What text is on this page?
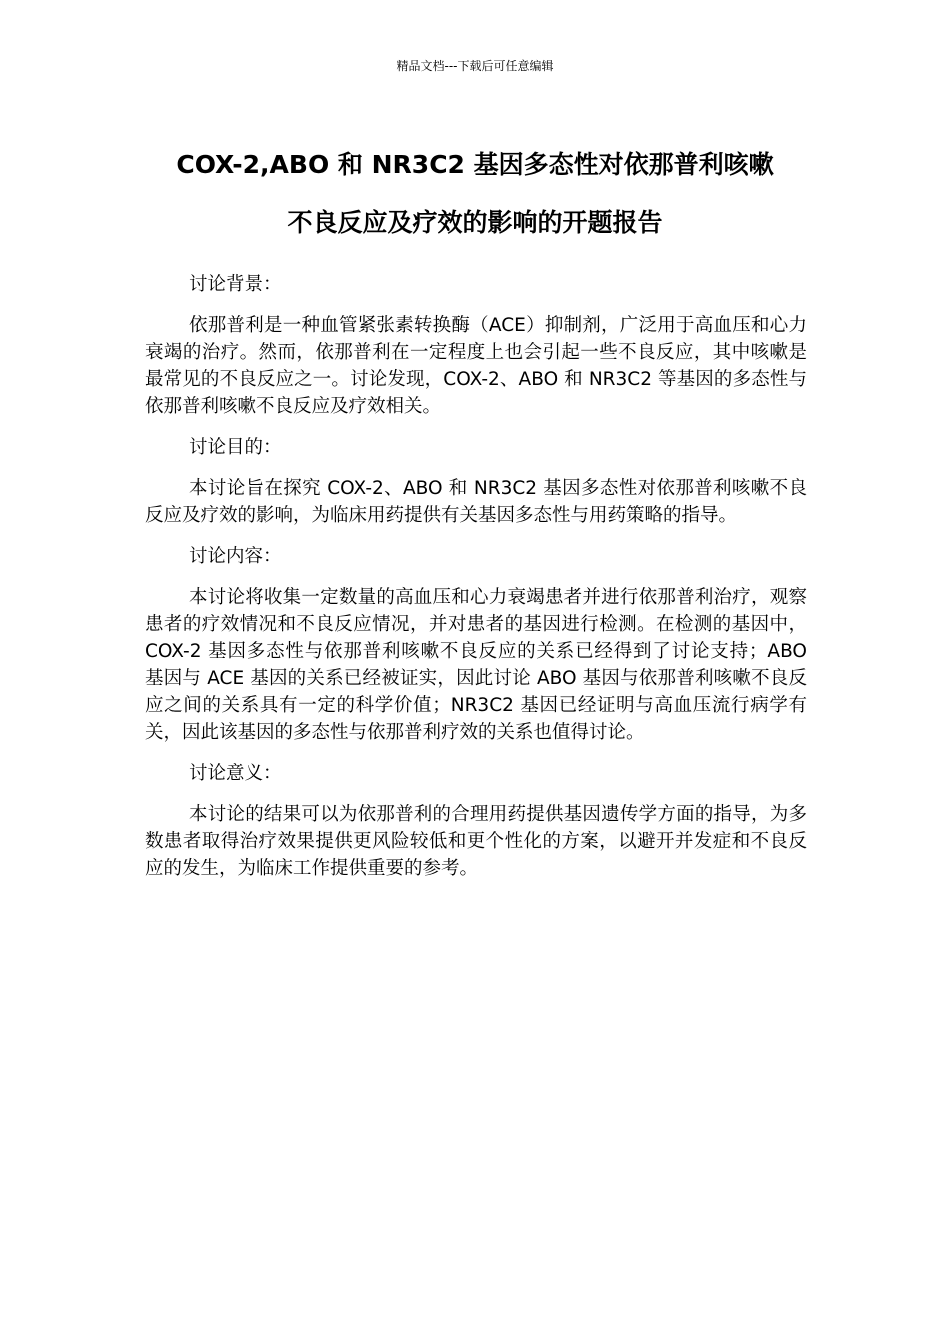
精品文档---下载后可任意编辑
COX-2,ABO 和 NR3C2 基因多态性对依那普利咳嗽
不良反应及疗效的影响的开题报告

讨论背景：

依那普利是一种血管紧张素转换酶（ACE）抑制剂，广泛用于高血压和心力衰竭的治疗。然而，依那普利在一定程度上也会引起一些不良反应，其中咳嗽是最常见的不良反应之一。讨论发现，COX-2、ABO 和 NR3C2 等基因的多态性与依那普利咳嗽不良反应及疗效相关。

讨论目的：

本讨论旨在探究 COX-2、ABO 和 NR3C2 基因多态性对依那普利咳嗽不良反应及疗效的影响，为临床用药提供有关基因多态性与用药策略的指导。

讨论内容：

本讨论将收集一定数量的高血压和心力衰竭患者并进行依那普利治疗，观察患者的疗效情况和不良反应情况，并对患者的基因进行检测。在检测的基因中，COX-2 基因多态性与依那普利咳嗽不良反应的关系已经得到了讨论支持；ABO 基因与 ACE 基因的关系已经被证实，因此讨论 ABO 基因与依那普利咳嗽不良反应之间的关系具有一定的科学价值；NR3C2 基因已经证明与高血压流行病学有关，因此该基因的多态性与依那普利疗效的关系也值得讨论。

讨论意义：

本讨论的结果可以为依那普利的合理用药提供基因遗传学方面的指导，为多数患者取得治疗效果提供更风险较低和更个性化的方案，以避开并发症和不良反应的发生，为临床工作提供重要的参考。
